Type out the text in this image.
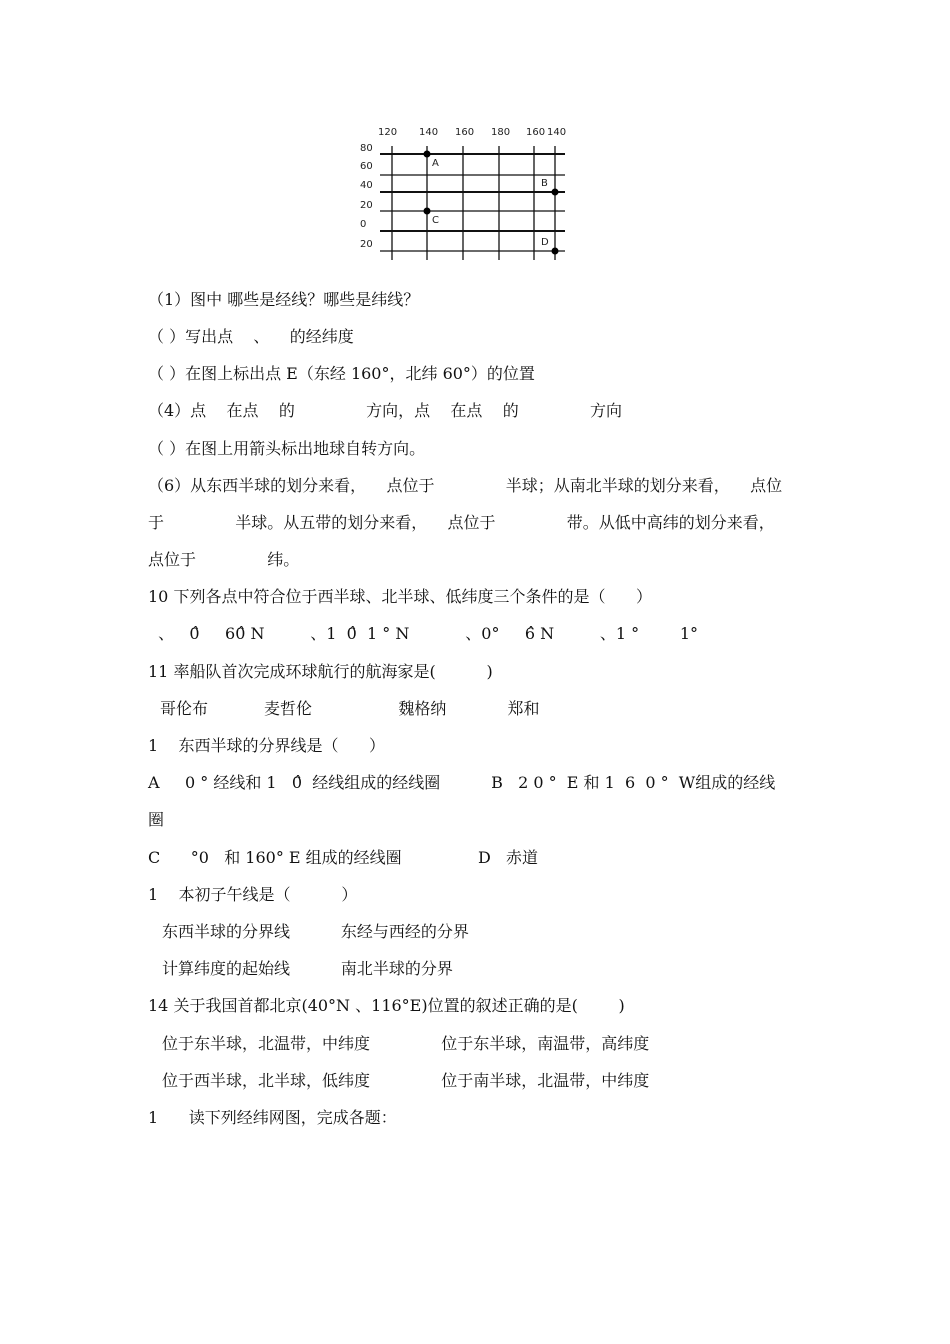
120 140 160 180 160 140
80
60
40
20
0
20
A
B
C
D
（1）图中 哪些是经线？哪些是纬线？
（ ）写出点    、    的经纬度
（ ）在图上标出点 E（东经 160°，北纬 60°）的位置
（4）点    在点    的              方向，点    在点    的              方向
（ ）在图上用箭头标出地球自转方向。
（6）从东西半球的划分来看，    点位于              半球；从南北半球的划分来看，    点位
于              半球。从五带的划分来看，    点位于              带。从低中高纬的划分来看，
点位于              纬。
10 下列各点中符合位于西半球、北半球、低纬度三个条件的是（      ）
、   0̂     60̂ N         、1  0̂  1 ° N           、0°     6̂ N         、1 °        1°
11 率船队首次完成环球航行的航海家是(          )
哥伦布           麦哲伦                 魏格纳            郑和
1    东西半球的分界线是（      ）
A     0 ° 经线和 1   0̂  经线组成的经线圈          B   2 0 °  E 和 1  6  0 °  W组成的经线
圈
C      °0   和 160° E 组成的经线圈               D   赤道
1    本初子午线是（          ）
东西半球的分界线          东经与西经的分界
计算纬度的起始线          南北半球的分界
14 关于我国首都北京(40°N 、116°E)位置的叙述正确的是(        )
位于东半球，北温带，中纬度              位于东半球，南温带，高纬度
位于西半球，北半球，低纬度              位于南半球，北温带，中纬度
1      读下列经纬网图，完成各题：
